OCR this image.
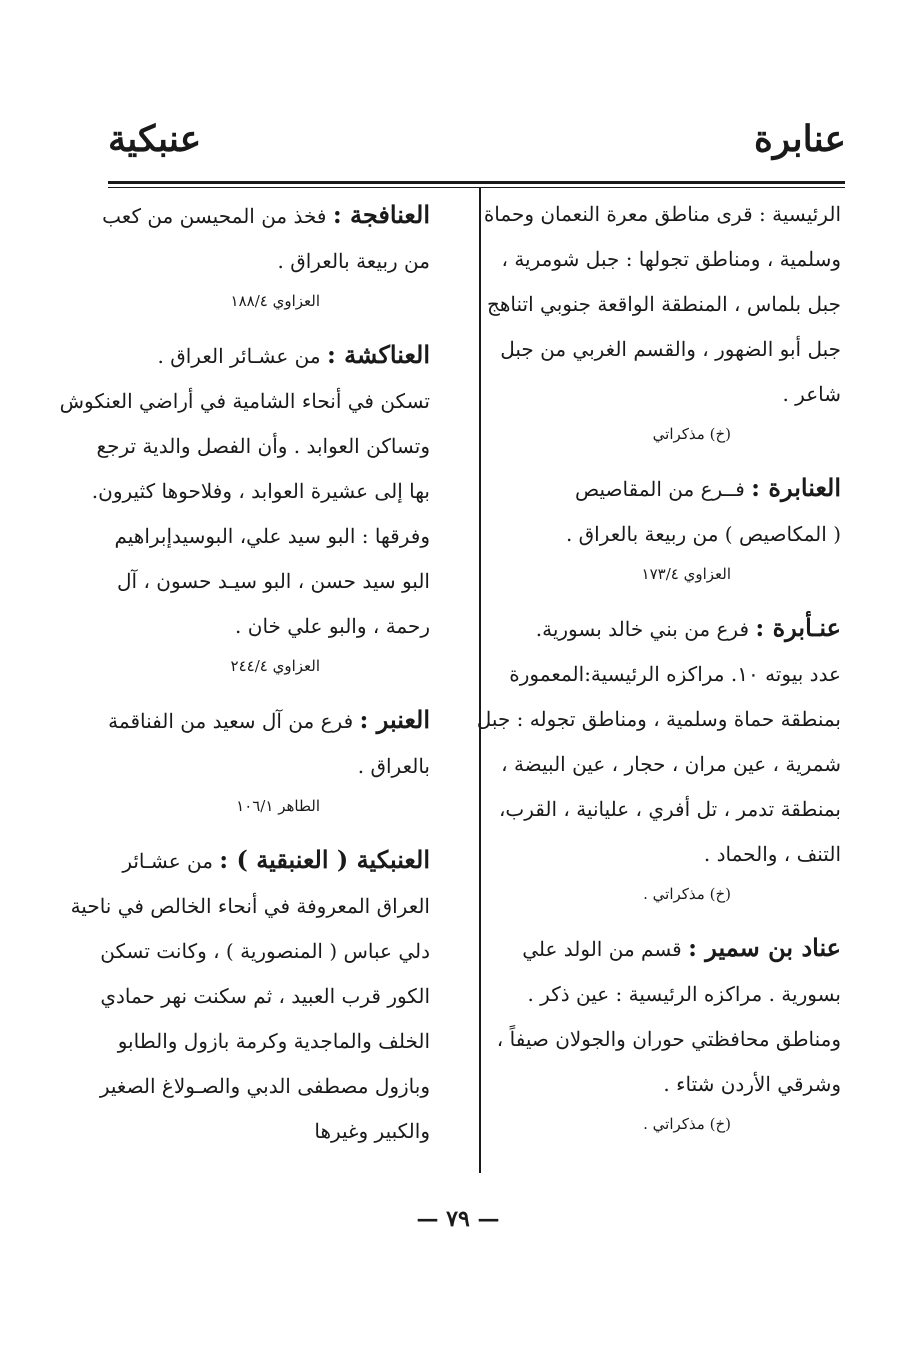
عنابرة
عنبكية
الرئيسية : قرى مناطق معرة النعمان وحماة
وسلمية ، ومناطق تجولها : جبل شومرية ،
جبل بلماس ، المنطقة الواقعة جنوبي اتناهج
جبل أبو الضهور ، والقسم الغربي من جبل
شاعر .
(خ) مذكراتي
العنابرة : فــرع من المقاصيص
( المكاصيص ) من ربيعة بالعراق .
العزاوي ١٧٣/٤
عنـأبرة : فرع من بني خالد بسورية.
عدد بيوته ١٠. مراكزه الرئيسية:المعمورة
بمنطقة حماة وسلمية ، ومناطق تجوله : جبل
شمرية ، عين مران ، حجار ، عين البيضة ،
بمنطقة تدمر ، تل أفري ، عليانية ، القرب،
التنف ، والحماد .
(خ) مذكراتي .
عناد بن سمير : قسم من الولد علي
بسورية . مراكزه الرئيسية : عين ذكر .
ومناطق محافظتي حوران والجولان صيفاً ،
وشرقي الأردن شتاء .
(خ) مذكراتي .
العنافجة : فخذ من المحيسن من كعب
من ربيعة بالعراق .
العزاوي ١٨٨/٤
العناكشة : من عشـائر العراق .
تسكن في أنحاء الشامية في أراضي العنكوش
وتساكن العوابد . وأن الفصل والدية ترجع
بها إلى عشيرة العوابد ، وفلاحوها كثيرون.
وفرقها : البو سيد علي، البوسيدإبراهيم
البو سيد حسن ، البو سيـد حسون ، آل
رحمة ، والبو علي خان .
العزاوي ٢٤٤/٤
العنبر : فرع من آل سعيد من الفناقمة
بالعراق .
الطاهر ١٠٦/١
العنبكية ( العنبقية ) : من عشـائر
العراق المعروفة في أنحاء الخالص في ناحية
دلي عباس ( المنصورية ) ، وكانت تسكن
الكور قرب العبيد ، ثم سكنت نهر حمادي
الخلف والماجدية وكرمة بازول والطابو
وبازول مصطفى الدبي والصـولاغ الصغير
والكبير وغيرها
— ٧٩ —
